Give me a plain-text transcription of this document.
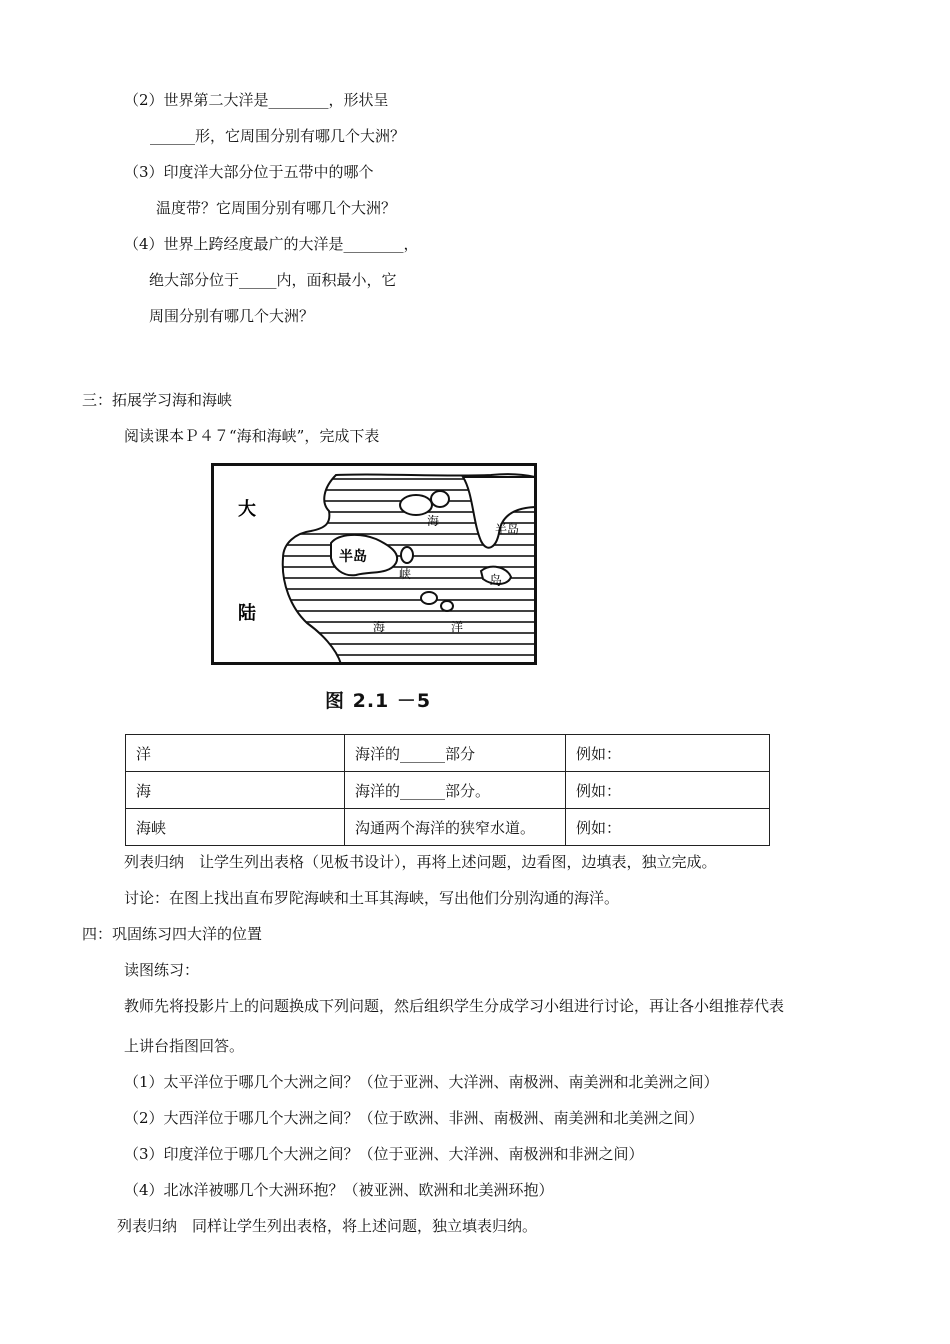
（2）世界第二大洋是________，形状呈
______形，它周围分别有哪几个大洲？
（3）印度洋大部分位于五带中的哪个
温度带？它周围分别有哪几个大洲？
（4）世界上跨经度最广的大洋是________，
绝大部分位于_____内，面积最小，它
周围分别有哪几个大洲？
三：拓展学习海和海峡
阅读课本Ｐ４７“海和海峡”，完成下表
大
陆
半岛
半岛
岛
海
峡
海	洋
图 2.1 －5
洋	海洋的______部分	例如：
海	海洋的______部分。	例如：
海峡	沟通两个海洋的狭窄水道。	例如：
列表归纳　让学生列出表格（见板书设计），再将上述问题，边看图，边填表，独立完成。
讨论：在图上找出直布罗陀海峡和土耳其海峡，写出他们分别沟通的海洋。
四：巩固练习四大洋的位置
读图练习：
教师先将投影片上的问题换成下列问题，然后组织学生分成学习小组进行讨论，再让各小组推荐代表
上讲台指图回答。
（1）太平洋位于哪几个大洲之间？（位于亚洲、大洋洲、南极洲、南美洲和北美洲之间）
（2）大西洋位于哪几个大洲之间？（位于欧洲、非洲、南极洲、南美洲和北美洲之间）
（3）印度洋位于哪几个大洲之间？（位于亚洲、大洋洲、南极洲和非洲之间）
（4）北冰洋被哪几个大洲环抱？（被亚洲、欧洲和北美洲环抱）
列表归纳　同样让学生列出表格，将上述问题，独立填表归纳。
